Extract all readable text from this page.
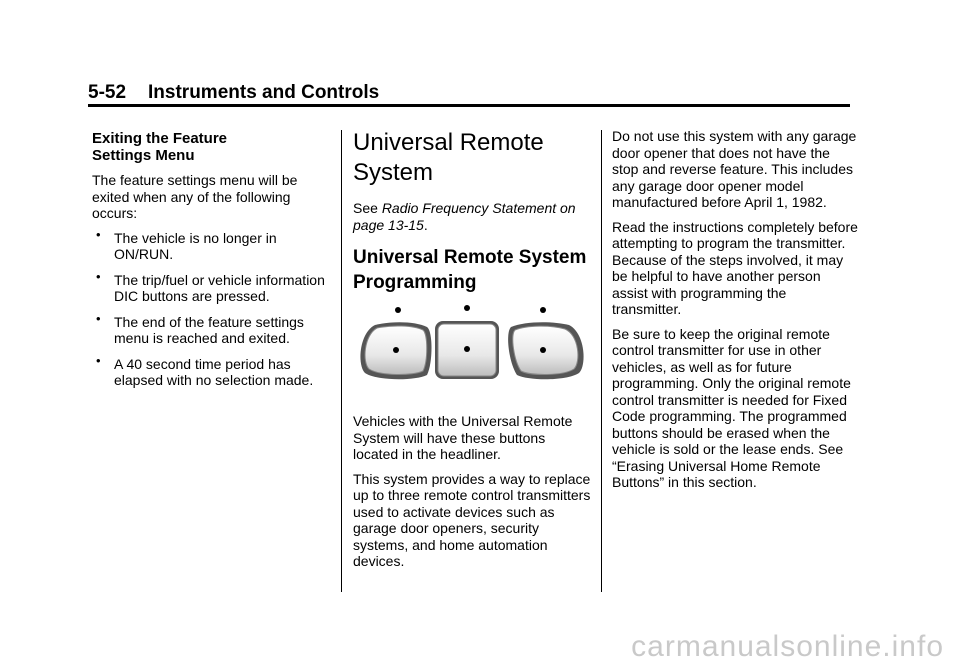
5-52 Instruments and Controls
Exiting the Feature
Settings Menu

The feature settings menu will be exited when any of the following occurs:

• The vehicle is no longer in ON/RUN.
• The trip/fuel or vehicle information DIC buttons are pressed.
• The end of the feature settings menu is reached and exited.
• A 40 second time period has elapsed with no selection made.
Universal Remote
System

See Radio Frequency Statement on page 13-15.

Universal Remote System
Programming

Vehicles with the Universal Remote System will have these buttons located in the headliner.

This system provides a way to replace up to three remote control transmitters used to activate devices such as garage door openers, security systems, and home automation devices.

Do not use this system with any garage door opener that does not have the stop and reverse feature. This includes any garage door opener model manufactured before April 1, 1982.

Read the instructions completely before attempting to program the transmitter. Because of the steps involved, it may be helpful to have another person assist with programming the transmitter.

Be sure to keep the original remote control transmitter for use in other vehicles, as well as for future programming. Only the original remote control transmitter is needed for Fixed Code programming. The programmed buttons should be erased when the vehicle is sold or the lease ends. See “Erasing Universal Home Remote Buttons” in this section.

carmanualsonline.info
